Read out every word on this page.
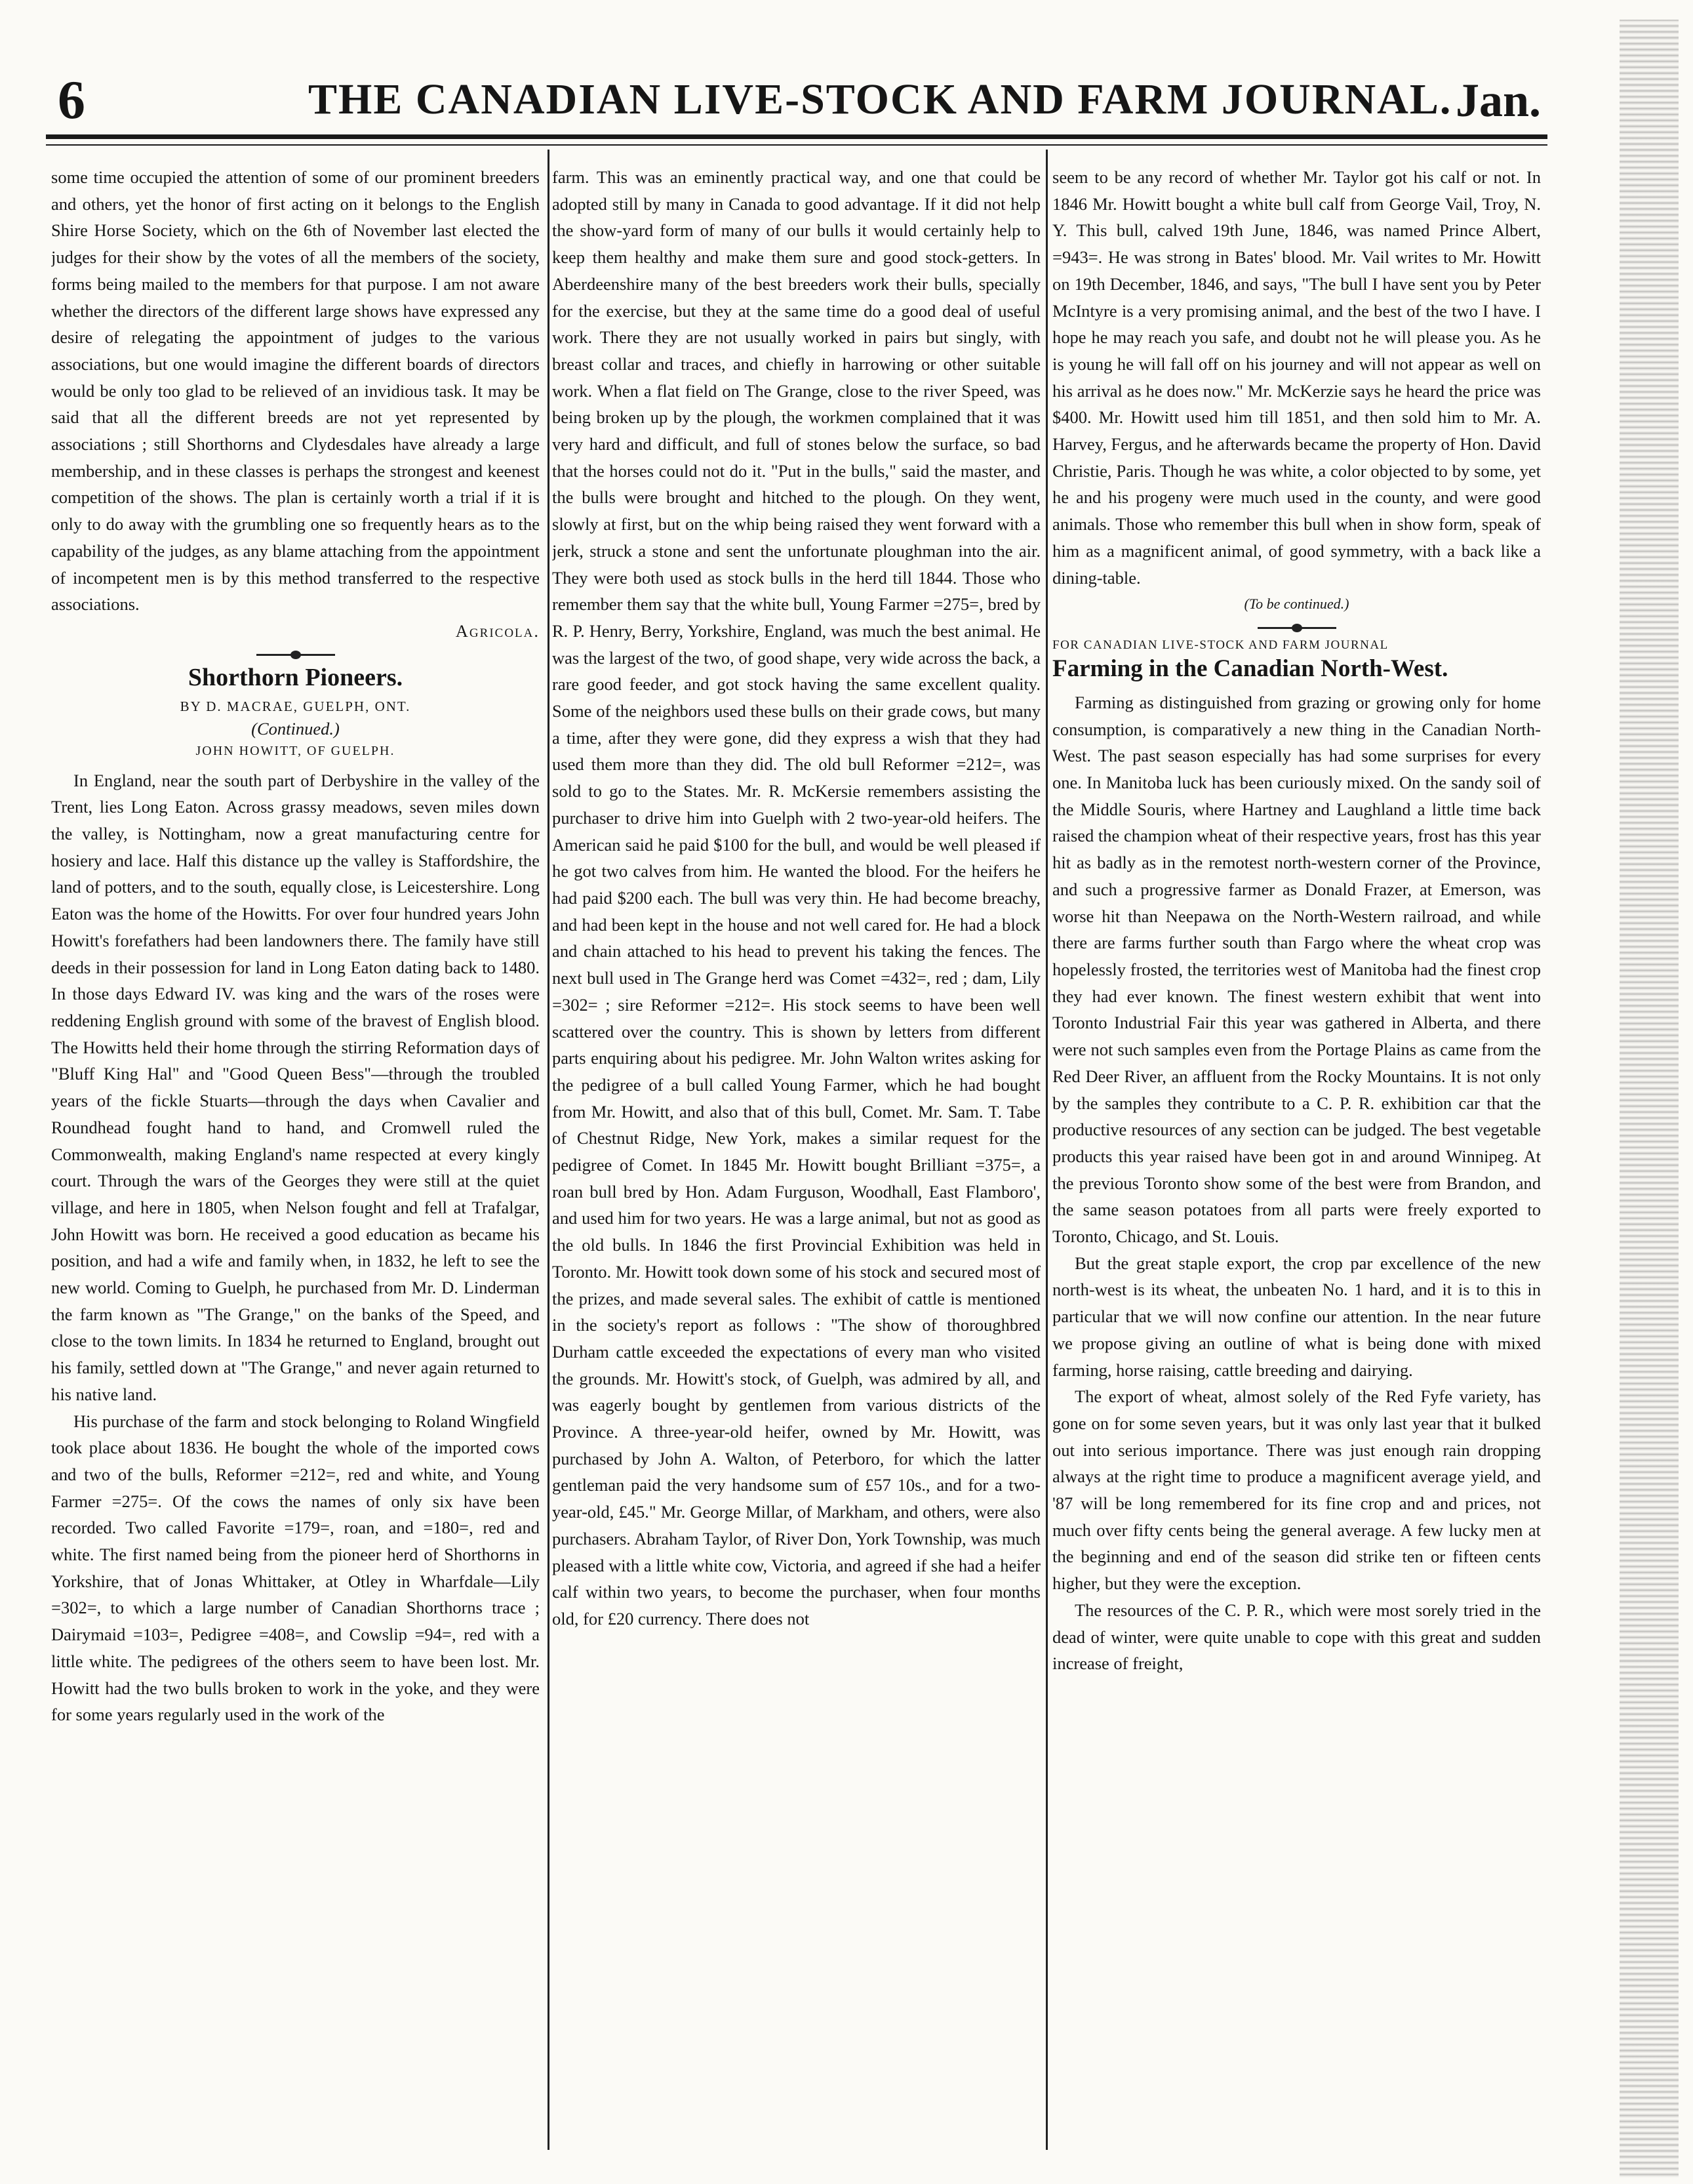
6	THE CANADIAN LIVE-STOCK AND FARM JOURNAL. Jan.

some time occupied the attention of some of our prominent breeders and others, yet the honor of first acting on it belongs to the English Shire Horse Society, which on the 6th of November last elected the judges for their show by the votes of all the members of the society, forms being mailed to the members for that purpose. I am not aware whether the directors of the different large shows have expressed any desire of relegating the appointment of judges to the various associations, but one would imagine the different boards of directors would be only too glad to be relieved of an invidious task. It may be said that all the different breeds are not yet represented by associations ; still Shorthorns and Clydesdales have already a large membership, and in these classes is perhaps the strongest and keenest competition of the shows. The plan is certainly worth a trial if it is only to do away with the grumbling one so frequently hears as to the capability of the judges, as any blame attaching from the appointment of incompetent men is by this method transferred to the respective associations.

Agricola.

Shorthorn Pioneers.
BY D. MACRAE, GUELPH, ONT.
(Continued.)
JOHN HOWITT, OF GUELPH.

In England, near the south part of Derbyshire in the valley of the Trent, lies Long Eaton. Across grassy meadows, seven miles down the valley, is Nottingham, now a great manufacturing centre for hosiery and lace. Half this distance up the valley is Staffordshire, the land of potters, and to the south, equally close, is Leicestershire. Long Eaton was the home of the Howitts. For over four hundred years John Howitt's forefathers had been landowners there. The family have still deeds in their possession for land in Long Eaton dating back to 1480. In those days Edward IV. was king and the wars of the roses were reddening English ground with some of the bravest of English blood. The Howitts held their home through the stirring Reformation days of "Bluff King Hal" and "Good Queen Bess"—through the troubled years of the fickle Stuarts—through the days when Cavalier and Roundhead fought hand to hand, and Cromwell ruled the Commonwealth, making England's name respected at every kingly court. Through the wars of the Georges they were still at the quiet village, and here in 1805, when Nelson fought and fell at Trafalgar, John Howitt was born. He received a good education as became his position, and had a wife and family when, in 1832, he left to see the new world. Coming to Guelph, he purchased from Mr. D. Linderman the farm known as "The Grange," on the banks of the Speed, and close to the town limits. In 1834 he returned to England, brought out his family, settled down at "The Grange," and never again returned to his native land.

His purchase of the farm and stock belonging to Roland Wingfield took place about 1836. He bought the whole of the imported cows and two of the bulls, Reformer =212=, red and white, and Young Farmer =275=. Of the cows the names of only six have been recorded. Two called Favorite =179=, roan, and =180=, red and white. The first named being from the pioneer herd of Shorthorns in Yorkshire, that of Jonas Whittaker, at Otley in Wharfdale—Lily =302=, to which a large number of Canadian Shorthorns trace ; Dairymaid =103=, Pedigree =408=, and Cowslip =94=, red with a little white. The pedigrees of the others seem to have been lost. Mr. Howitt had the two bulls broken to work in the yoke, and they were for some years regularly used in the work of the

farm. This was an eminently practical way, and one that could be adopted still by many in Canada to good advantage. If it did not help the show-yard form of many of our bulls it would certainly help to keep them healthy and make them sure and good stock-getters. In Aberdeenshire many of the best breeders work their bulls, specially for the exercise, but they at the same time do a good deal of useful work. There they are not usually worked in pairs but singly, with breast collar and traces, and chiefly in harrowing or other suitable work. When a flat field on The Grange, close to the river Speed, was being broken up by the plough, the workmen complained that it was very hard and difficult, and full of stones below the surface, so bad that the horses could not do it. "Put in the bulls," said the master, and the bulls were brought and hitched to the plough. On they went, slowly at first, but on the whip being raised they went forward with a jerk, struck a stone and sent the unfortunate ploughman into the air. They were both used as stock bulls in the herd till 1844. Those who remember them say that the white bull, Young Farmer =275=, bred by R. P. Henry, Berry, Yorkshire, England, was much the best animal. He was the largest of the two, of good shape, very wide across the back, a rare good feeder, and got stock having the same excellent quality. Some of the neighbors used these bulls on their grade cows, but many a time, after they were gone, did they express a wish that they had used them more than they did. The old bull Reformer =212=, was sold to go to the States. Mr. R. McKersie remembers assisting the purchaser to drive him into Guelph with 2 two-year-old heifers. The American said he paid $100 for the bull, and would be well pleased if he got two calves from him. He wanted the blood. For the heifers he had paid $200 each. The bull was very thin. He had become breachy, and had been kept in the house and not well cared for. He had a block and chain attached to his head to prevent his taking the fences. The next bull used in The Grange herd was Comet =432=, red ; dam, Lily =302= ; sire Reformer =212=. His stock seems to have been well scattered over the country. This is shown by letters from different parts enquiring about his pedigree. Mr. John Walton writes asking for the pedigree of a bull called Young Farmer, which he had bought from Mr. Howitt, and also that of this bull, Comet. Mr. Sam. T. Tabe of Chestnut Ridge, New York, makes a similar request for the pedigree of Comet. In 1845 Mr. Howitt bought Brilliant =375=, a roan bull bred by Hon. Adam Furguson, Woodhall, East Flamboro', and used him for two years. He was a large animal, but not as good as the old bulls. In 1846 the first Provincial Exhibition was held in Toronto. Mr. Howitt took down some of his stock and secured most of the prizes, and made several sales. The exhibit of cattle is mentioned in the society's report as follows : "The show of thoroughbred Durham cattle exceeded the expectations of every man who visited the grounds. Mr. Howitt's stock, of Guelph, was admired by all, and was eagerly bought by gentlemen from various districts of the Province. A three-year-old heifer, owned by Mr. Howitt, was purchased by John A. Walton, of Peterboro, for which the latter gentleman paid the very handsome sum of £57 10s., and for a two-year-old, £45." Mr. George Millar, of Markham, and others, were also purchasers. Abraham Taylor, of River Don, York Township, was much pleased with a little white cow, Victoria, and agreed if she had a heifer calf within two years, to become the purchaser, when four months old, for £20 currency. There does not

seem to be any record of whether Mr. Taylor got his calf or not. In 1846 Mr. Howitt bought a white bull calf from George Vail, Troy, N. Y. This bull, calved 19th June, 1846, was named Prince Albert, =943=. He was strong in Bates' blood. Mr. Vail writes to Mr. Howitt on 19th December, 1846, and says, "The bull I have sent you by Peter McIntyre is a very promising animal, and the best of the two I have. I hope he may reach you safe, and doubt not he will please you. As he is young he will fall off on his journey and will not appear as well on his arrival as he does now." Mr. McKerzie says he heard the price was $400. Mr. Howitt used him till 1851, and then sold him to Mr. A. Harvey, Fergus, and he afterwards became the property of Hon. David Christie, Paris. Though he was white, a color objected to by some, yet he and his progeny were much used in the county, and were good animals. Those who remember this bull when in show form, speak of him as a magnificent animal, of good symmetry, with a back like a dining-table.

(To be continued.)
FOR CANADIAN LIVE-STOCK AND FARM JOURNAL
Farming in the Canadian North-West.

Farming as distinguished from grazing or growing only for home consumption, is comparatively a new thing in the Canadian North-West. The past season especially has had some surprises for every one. In Manitoba luck has been curiously mixed. On the sandy soil of the Middle Souris, where Hartney and Laughland a little time back raised the champion wheat of their respective years, frost has this year hit as badly as in the remotest north-western corner of the Province, and such a progressive farmer as Donald Frazer, at Emerson, was worse hit than Neepawa on the North-Western railroad, and while there are farms further south than Fargo where the wheat crop was hopelessly frosted, the territories west of Manitoba had the finest crop they had ever known. The finest western exhibit that went into Toronto Industrial Fair this year was gathered in Alberta, and there were not such samples even from the Portage Plains as came from the Red Deer River, an affluent from the Rocky Mountains. It is not only by the samples they contribute to a C. P. R. exhibition car that the productive resources of any section can be judged. The best vegetable products this year raised have been got in and around Winnipeg. At the previous Toronto show some of the best were from Brandon, and the same season potatoes from all parts were freely exported to Toronto, Chicago, and St. Louis.

But the great staple export, the crop par excellence of the new north-west is its wheat, the unbeaten No. 1 hard, and it is to this in particular that we will now confine our attention. In the near future we propose giving an outline of what is being done with mixed farming, horse raising, cattle breeding and dairying.

The export of wheat, almost solely of the Red Fyfe variety, has gone on for some seven years, but it was only last year that it bulked out into serious importance. There was just enough rain dropping always at the right time to produce a magnificent average yield, and '87 will be long remembered for its fine crop and and prices, not much over fifty cents being the general average. A few lucky men at the beginning and end of the season did strike ten or fifteen cents higher, but they were the exception.

The resources of the C. P. R., which were most sorely tried in the dead of winter, were quite unable to cope with this great and sudden increase of freight,
